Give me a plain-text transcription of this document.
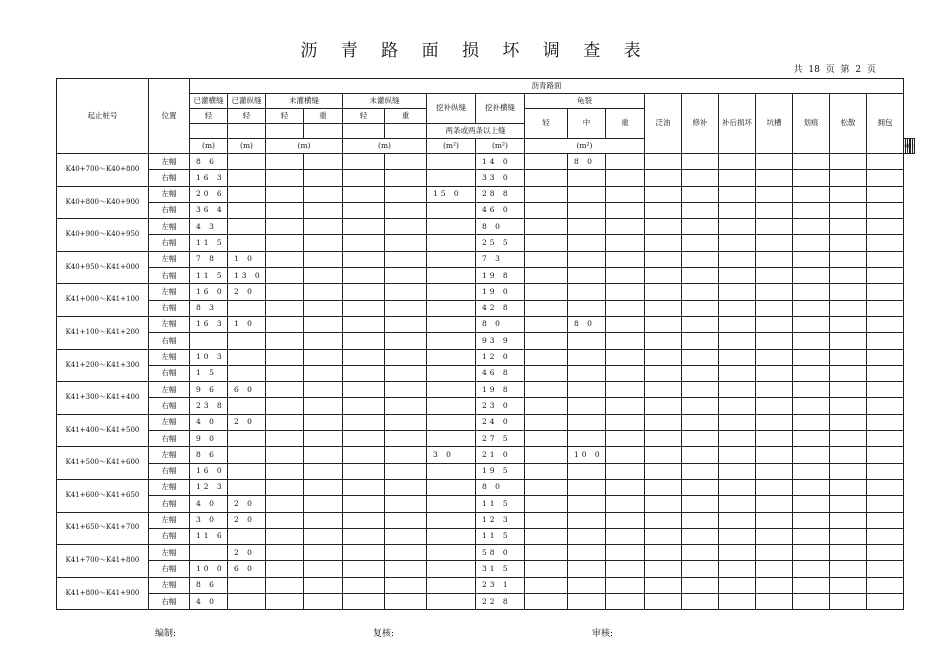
沥 青 路 面 损 坏 调 查 表
共 18 页 第 2 页
起止桩号	位置	沥青路面																						
		已灌横缝	已灌纵缝	未灌横缝		未灌纵缝		挖补纵缝	挖补横缝	龟裂			泛油	修补	补后损坏	坑槽	划痕	松散	拥包					
		轻	轻	轻	重	轻	重			轻	中	重												
								两条或两条以上缝																
		(m)	(m)	(m)		(m)		(m²)	(m²)	(m²)						
K40+700～K40+800	左幅	8 6							14 0		8 0													
	右幅	16 3							33 0															
K40+800～K40+900	左幅	20 6						15 0	28 8															
	右幅	36 4							46 0															
K40+900～K40+950	左幅	4 3							8 0															
	右幅	11 5							25 5															
K40+950～K41+000	左幅	7 8	1 0						7 3															
	右幅	11 5	13 0						19 8															
K41+000～K41+100	左幅	16 0	2 0						19 0															
	右幅	8 3							42 8															
K41+100～K41+200	左幅	16 3	1 0						8 0		8 0													
	右幅								93 9															
K41+200～K41+300	左幅	10 3							12 0															
	右幅	1 5							46 8															
K41+300～K41+400	左幅	9 6	6 0						19 8															
	右幅	23 8							23 0															
K41+400～K41+500	左幅	4 0	2 0						24 0															
	右幅	9 0							27 5															
K41+500～K41+600	左幅	8 6						3 0	21 0		10 0													
	右幅	16 0							19 5															
K41+600～K41+650	左幅	12 3							8 0															
	右幅	4 0	2 0						11 5															
K41+650～K41+700	左幅	3 0	2 0						12 3															
	右幅	11 6							11 5															
K41+700～K41+800	左幅		2 0						58 0															
	右幅	10 0	6 0						31 5															
K41+800～K41+900	左幅	8 6							23 1															
	右幅	4 0							22 8															
编制:	复核:	审核:
